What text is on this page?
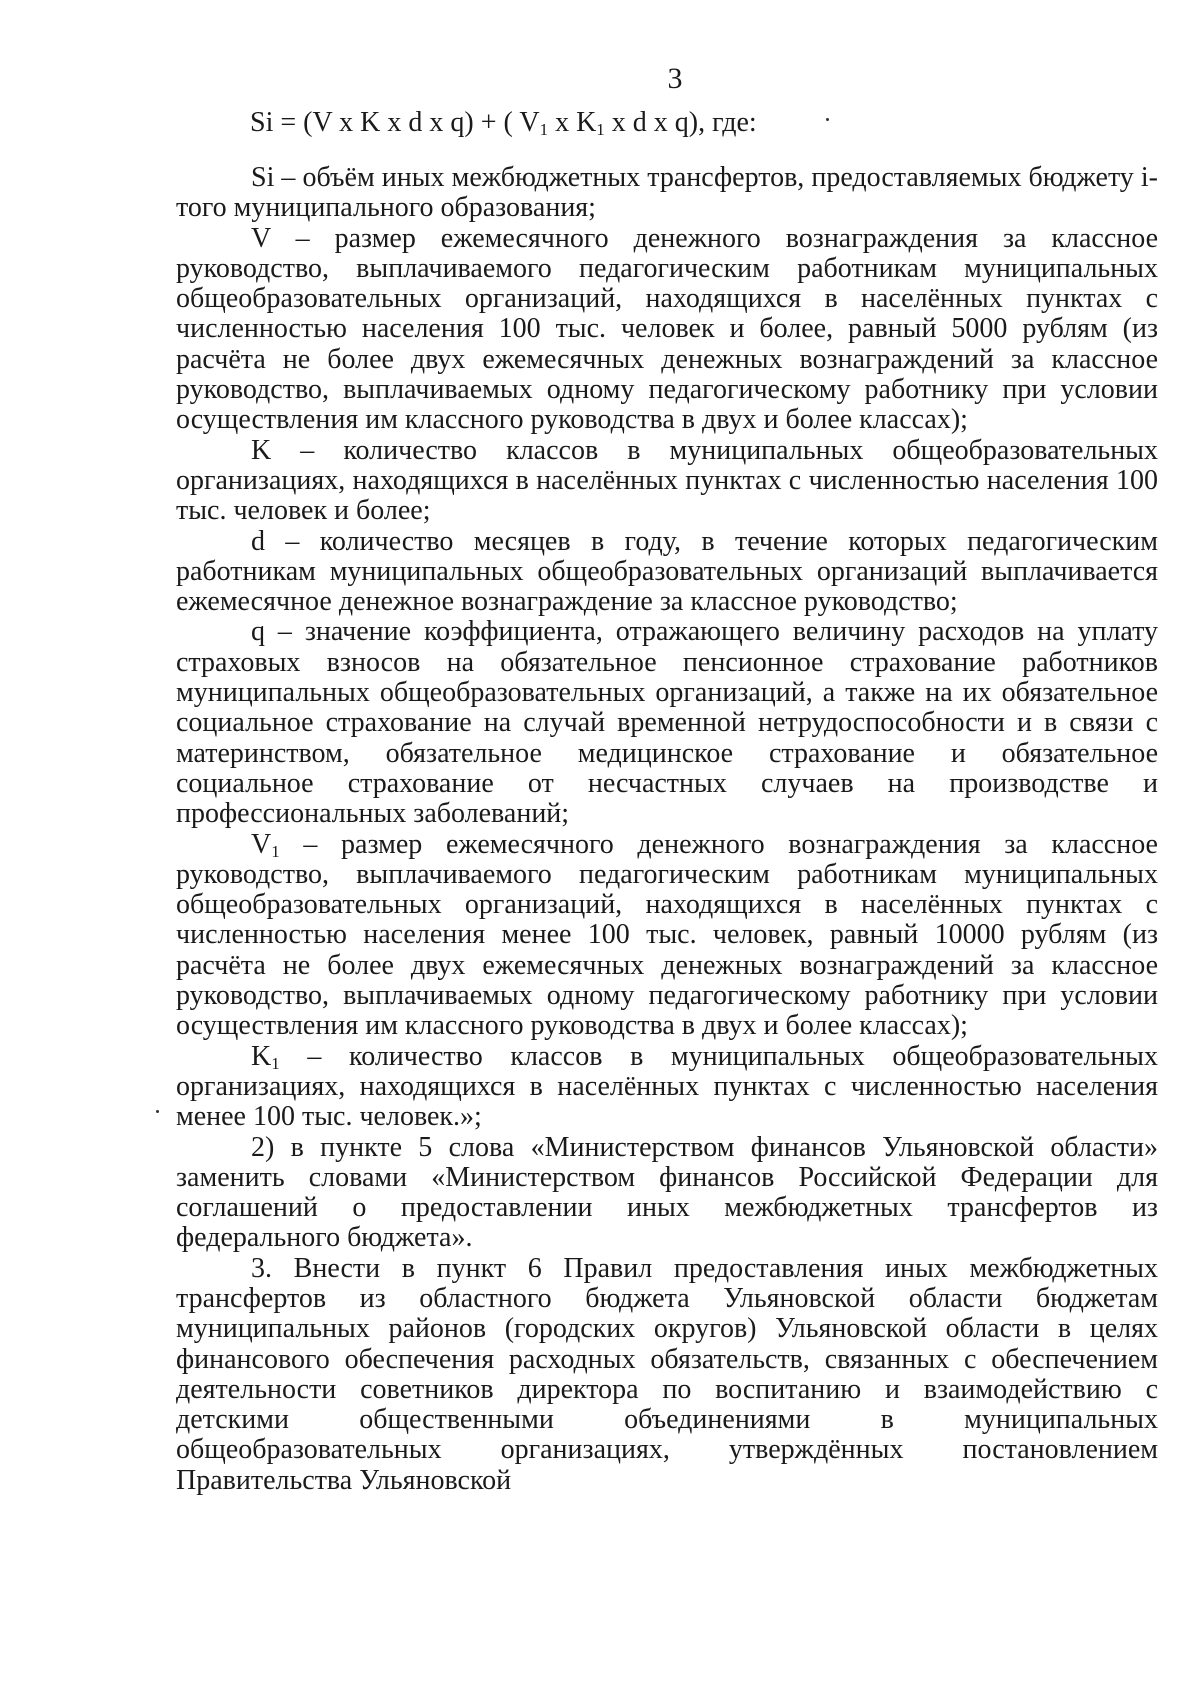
3
Si = (V x K x d x q) + ( $V_1$ x $K_1$ x d x q), где:

Si – объём иных межбюджетных трансфертов, предоставляемых бюджету i-того муниципального образования;

V – размер ежемесячного денежного вознаграждения за классное руководство, выплачиваемого педагогическим работникам муниципальных общеобразовательных организаций, находящихся в населённых пунктах с численностью населения 100 тыс. человек и более, равный 5000 рублям (из расчёта не более двух ежемесячных денежных вознаграждений за классное руководство, выплачиваемых одному педагогическому работнику при условии осуществления им классного руководства в двух и более классах);

K – количество классов в муниципальных общеобразовательных организациях, находящихся в населённых пунктах с численностью населения 100 тыс. человек и более;

d – количество месяцев в году, в течение которых педагогическим работникам муниципальных общеобразовательных организаций выплачивается ежемесячное денежное вознаграждение за классное руководство;

q – значение коэффициента, отражающего величину расходов на уплату страховых взносов на обязательное пенсионное страхование работников муниципальных общеобразовательных организаций, а также на их обязательное социальное страхование на случай временной нетрудоспособности и в связи с материнством, обязательное медицинское страхование и обязательное социальное страхование от несчастных случаев на производстве и профессиональных заболеваний;

$V_1$ – размер ежемесячного денежного вознаграждения за классное руководство, выплачиваемого педагогическим работникам муниципальных общеобразовательных организаций, находящихся в населённых пунктах с численностью населения менее 100 тыс. человек, равный 10000 рублям (из расчёта не более двух ежемесячных денежных вознаграждений за классное руководство, выплачиваемых одному педагогическому работнику при условии осуществления им классного руководства в двух и более классах);

$K_1$ – количество классов в муниципальных общеобразовательных организациях, находящихся в населённых пунктах с численностью населения менее 100 тыс. человек.»;

2) в пункте 5 слова «Министерством финансов Ульяновской области» заменить словами «Министерством финансов Российской Федерации для соглашений о предоставлении иных межбюджетных трансфертов из федерального бюджета».

3. Внести в пункт 6 Правил предоставления иных межбюджетных трансфертов из областного бюджета Ульяновской области бюджетам муниципальных районов (городских округов) Ульяновской области в целях финансового обеспечения расходных обязательств, связанных с обеспечением деятельности советников директора по воспитанию и взаимодействию с детскими общественными объединениями в муниципальных общеобразовательных организациях, утверждённых постановлением Правительства Ульяновской
